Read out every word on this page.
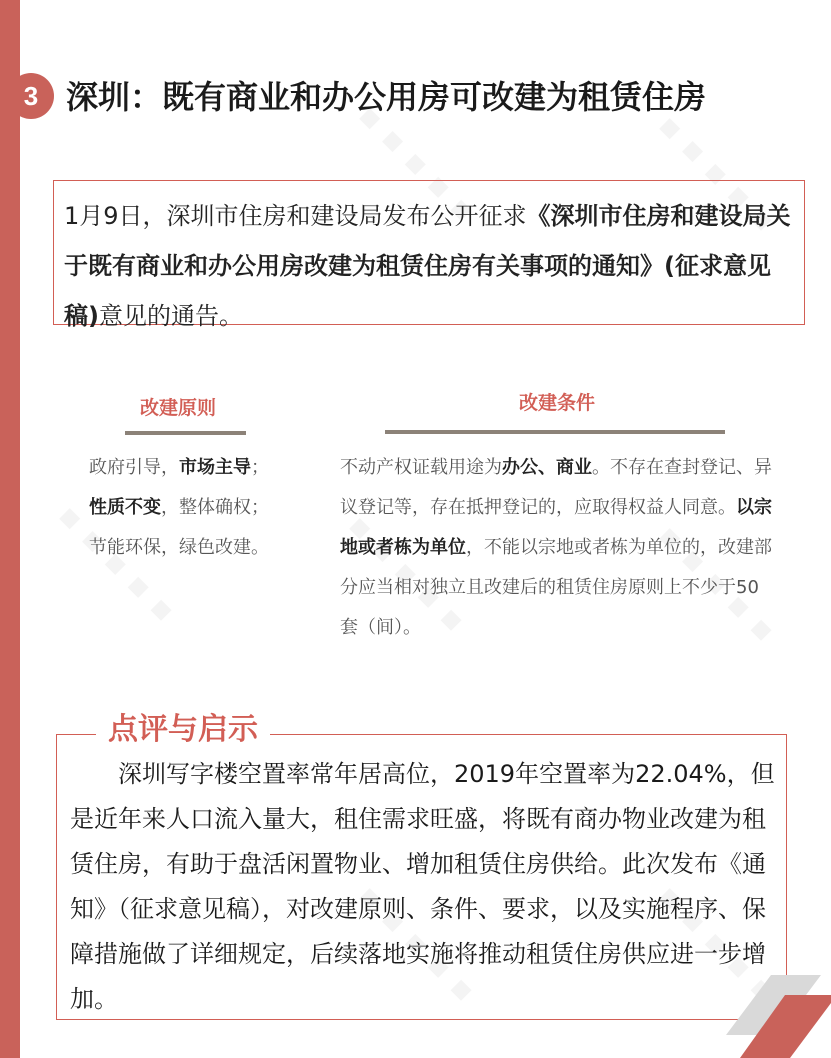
3 深圳：既有商业和办公用房可改建为租赁住房
1月9日，深圳市住房和建设局发布公开征求《深圳市住房和建设局关于既有商业和办公用房改建为租赁住房有关事项的通知》(征求意见稿)意见的通告。
改建原则
政府引导，市场主导；
性质不变，整体确权；
节能环保，绿色改建。
改建条件
不动产权证载用途为办公、商业。不存在查封登记、异议登记等，存在抵押登记的，应取得权益人同意。以宗地或者栋为单位，不能以宗地或者栋为单位的，改建部分应当相对独立且改建后的租赁住房原则上不少于50套（间）。
点评与启示

深圳写字楼空置率常年居高位，2019年空置率为22.04%，但是近年来人口流入量大，租住需求旺盛，将既有商办物业改建为租赁住房，有助于盘活闲置物业、增加租赁住房供给。此次发布《通知》（征求意见稿），对改建原则、条件、要求，以及实施程序、保障措施做了详细规定，后续落地实施将推动租赁住房供应进一步增加。
